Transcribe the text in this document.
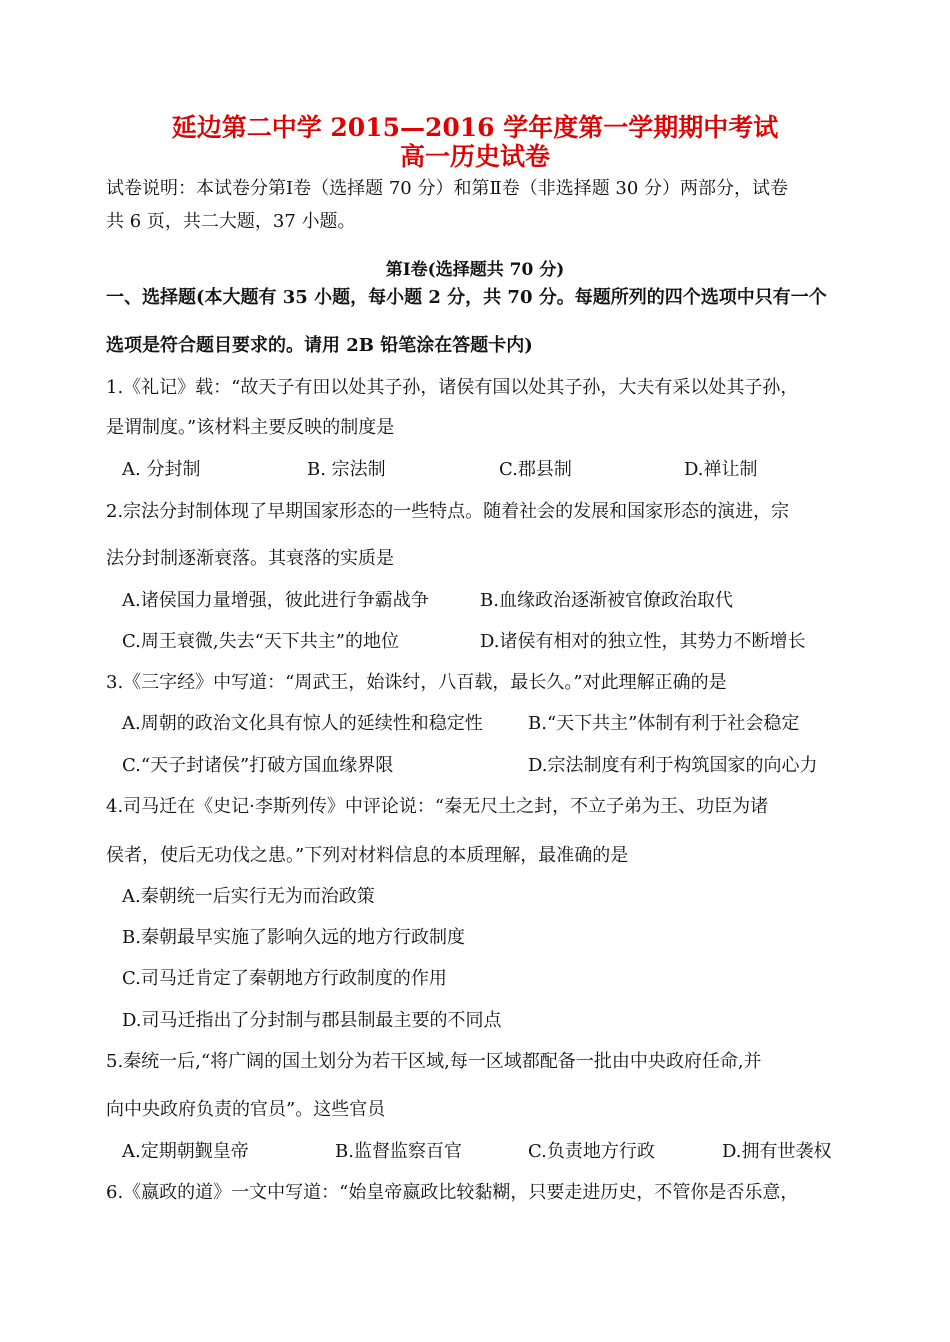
延边第二中学 2015—2016 学年度第一学期期中考试
高一历史试卷
试卷说明：本试卷分第Ⅰ卷（选择题 70 分）和第Ⅱ卷（非选择题 30 分）两部分，试卷
共 6 页，共二大题，37 小题。
第Ⅰ卷(选择题共 70 分)
一、选择题(本大题有 35 小题，每小题 2 分，共 70 分。每题所列的四个选项中只有一个
选项是符合题目要求的。请用 2B 铅笔涂在答题卡内)
1.《礼记》载：“故天子有田以处其子孙，诸侯有国以处其子孙，大夫有采以处其子孙，
是谓制度。”该材料主要反映的制度是
A. 分封制	B. 宗法制	C.郡县制	D.禅让制
2.宗法分封制体现了早期国家形态的一些特点。随着社会的发展和国家形态的演进，宗
法分封制逐渐衰落。其衰落的实质是
A.诸侯国力量增强，彼此进行争霸战争	B.血缘政治逐渐被官僚政治取代
C.周王衰微,失去“天下共主”的地位	D.诸侯有相对的独立性，其势力不断增长
3.《三字经》中写道：“周武王，始诛纣，八百载，最长久。”对此理解正确的是
A.周朝的政治文化具有惊人的延续性和稳定性	B.“天下共主”体制有利于社会稳定
C.“天子封诸侯”打破方国血缘界限	D.宗法制度有利于构筑国家的向心力
4.司马迁在《史记·李斯列传》中评论说：“秦无尺土之封，不立子弟为王、功臣为诸
侯者，使后无功伐之患。”下列对材料信息的本质理解，最准确的是
A.秦朝统一后实行无为而治政策
B.秦朝最早实施了影响久远的地方行政制度
C.司马迁肯定了秦朝地方行政制度的作用
D.司马迁指出了分封制与郡县制最主要的不同点
5.秦统一后,“将广阔的国土划分为若干区域,每一区域都配备一批由中央政府任命,并
向中央政府负责的官员”。这些官员
A.定期朝觐皇帝	B.监督监察百官	C.负责地方行政	D.拥有世袭权
6.《嬴政的道》一文中写道：“始皇帝嬴政比较黏糊，只要走进历史，不管你是否乐意，
